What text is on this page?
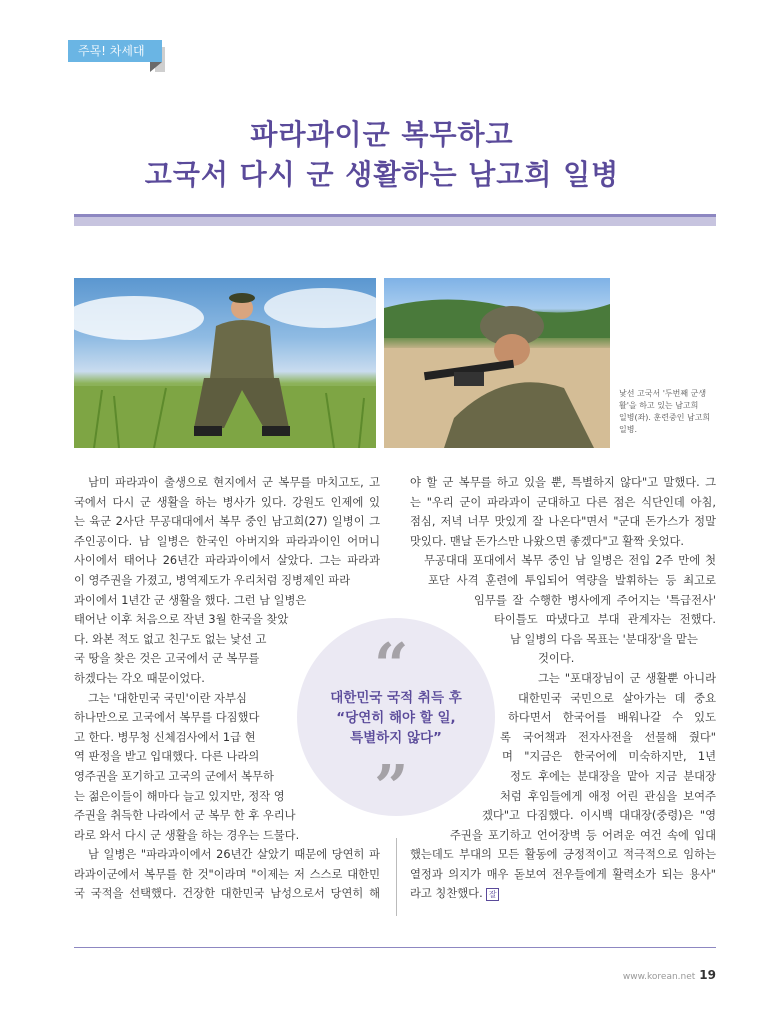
주목! 차세대
파라과이군 복무하고
고국서 다시 군 생활하는 남고희 일병
낯선 고국서 '두번째 군생
활'을 하고 있는 남고희
일병(좌). 훈련중인 남고희
일병.
남미 파라과이 출생으로 현지에서 군 복무를 마치고도, 고
국에서 다시 군 생활을 하는 병사가 있다. 강원도 인제에 있
는 육군 2사단 무공대대에서 복무 중인 남고희(27) 일병이 그
주인공이다. 남 일병은 한국인 아버지와 파라과이인 어머니
사이에서 태어나 26년간 파라과이에서 살았다. 그는 파라과
이 영주권을 가졌고, 병역제도가 우리처럼 징병제인 파라
과이에서 1년간 군 생활을 했다. 그런 남 일병은
태어난 이후 처음으로 작년 3월 한국을 찾았
다. 와본 적도 없고 친구도 없는 낯선 고
국 땅을 찾은 것은 고국에서 군 복무를
하겠다는 각오 때문이었다.
그는 '대한민국 국민'이란 자부심
하나만으로 고국에서 복무를 다짐했다
고 한다. 병무청 신체검사에서 1급 현
역 판정을 받고 입대했다. 다른 나라의
영주권을 포기하고 고국의 군에서 복무하
는 젊은이들이 해마다 늘고 있지만, 정작 영
주권을 취득한 나라에서 군 복무 한 후 우리나
라로 와서 다시 군 생활을 하는 경우는 드물다.
남 일병은 "파라과이에서 26년간 살았기 때문에 당연히 파
라과이군에서 복무를 한 것"이라며 "이제는 저 스스로 대한민
국 국적을 선택했다. 건장한 대한민국 남성으로서 당연히 해
야 할 군 복무를 하고 있을 뿐, 특별하지 않다"고 말했다. 그
는 "우리 군이 파라과이 군대하고 다른 점은 식단인데 아침,
점심, 저녁 너무 맛있게 잘 나온다"면서 "군대 돈가스가 정말
맛있다. 맨날 돈가스만 나왔으면 좋겠다"고 활짝 웃었다.
무공대대 포대에서 복무 중인 남 일병은 전입 2주 만에 첫
포단 사격 훈련에 투입되어 역량을 발휘하는 등 최고로
임무를 잘 수행한 병사에게 주어지는 '특급전사'
타이틀도 따냈다고 부대 관계자는 전했다.
남 일병의 다음 목표는 '분대장'을 맡는
것이다.
그는 "포대장님이 군 생활뿐 아니라
대한민국 국민으로 살아가는 데 중요
하다면서 한국어를 배워나갈 수 있도
록 국어책과 전자사전을 선물해 줬다"
며 "지금은 한국어에 미숙하지만, 1년
정도 후에는 분대장을 맡아 지금 분대장
처럼 후임들에게 애정 어린 관심을 보여주
겠다"고 다짐했다. 이시백 대대장(중령)은 "영
주권을 포기하고 언어장벽 등 어려운 여건 속에 입대
했는데도 부대의 모든 활동에 긍정적이고 적극적으로 임하는
열정과 의지가 매우 돋보여 전우들에게 활력소가 되는 용사"
라고 칭찬했다. 잘
“
대한민국 국적 취득 후
“당연히 해야 할 일,
특별하지 않다”
”
www.korean.net 19
